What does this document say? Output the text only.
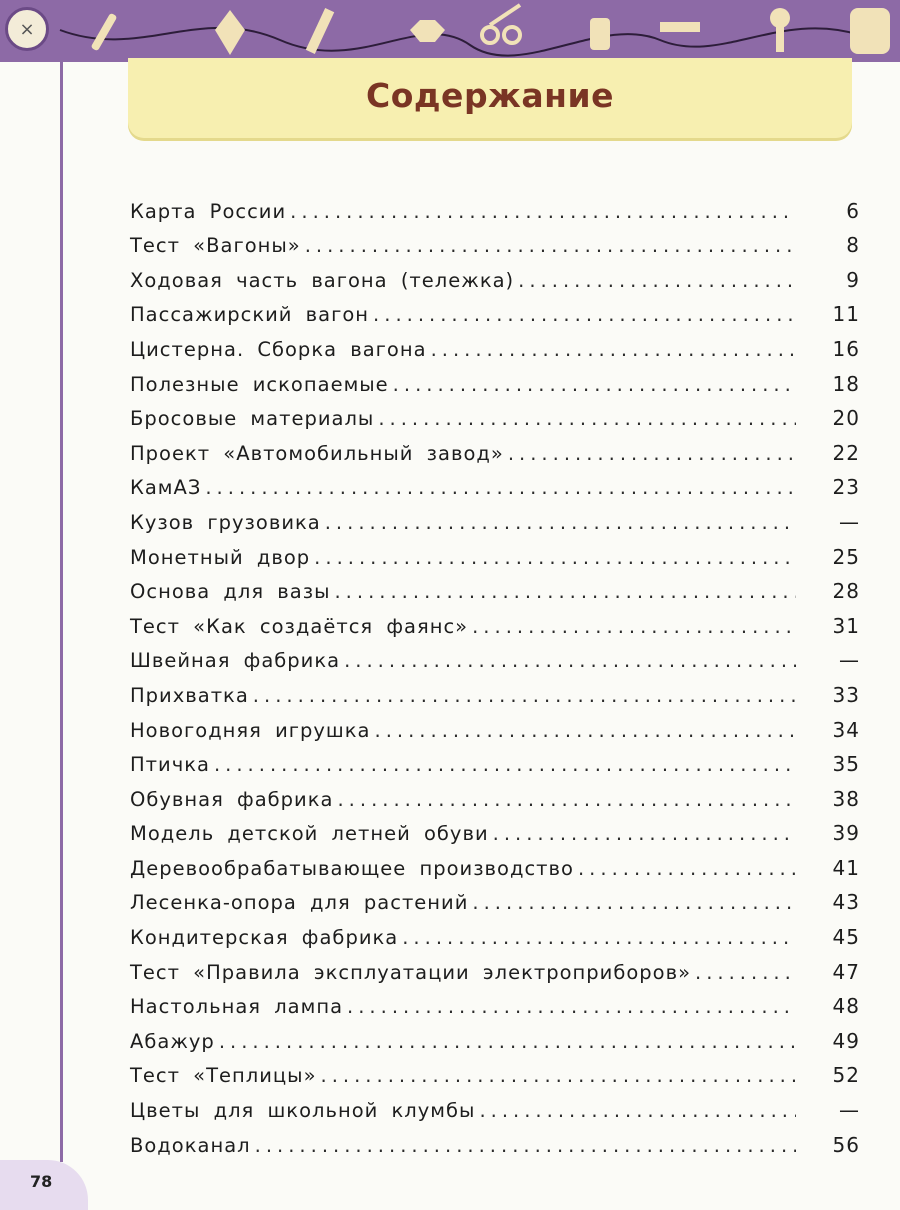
×
Содержание
Карта России .....	6
Тест «Вагоны» .....	8
Ходовая часть вагона (тележка) .....	9
Пассажирский вагон .....	11
Цистерна. Сборка вагона .....	16
Полезные ископаемые .....	18
Бросовые материалы .....	20
Проект «Автомобильный завод» .....	22
КамАЗ .....	23
Кузов грузовика .....	—
Монетный двор .....	25
Основа для вазы .....	28
Тест «Как создаётся фаянс» .....	31
Швейная фабрика .....	—
Прихватка .....	33
Новогодняя игрушка .....	34
Птичка .....	35
Обувная фабрика .....	38
Модель детской летней обуви .....	39
Деревообрабатывающее производство .....	41
Лесенка-опора для растений .....	43
Кондитерская фабрика .....	45
Тест «Правила эксплуатации электроприборов» .....	47
Настольная лампа .....	48
Абажур .....	49
Тест «Теплицы» .....	52
Цветы для школьной клумбы .....	—
Водоканал .....	56
78
